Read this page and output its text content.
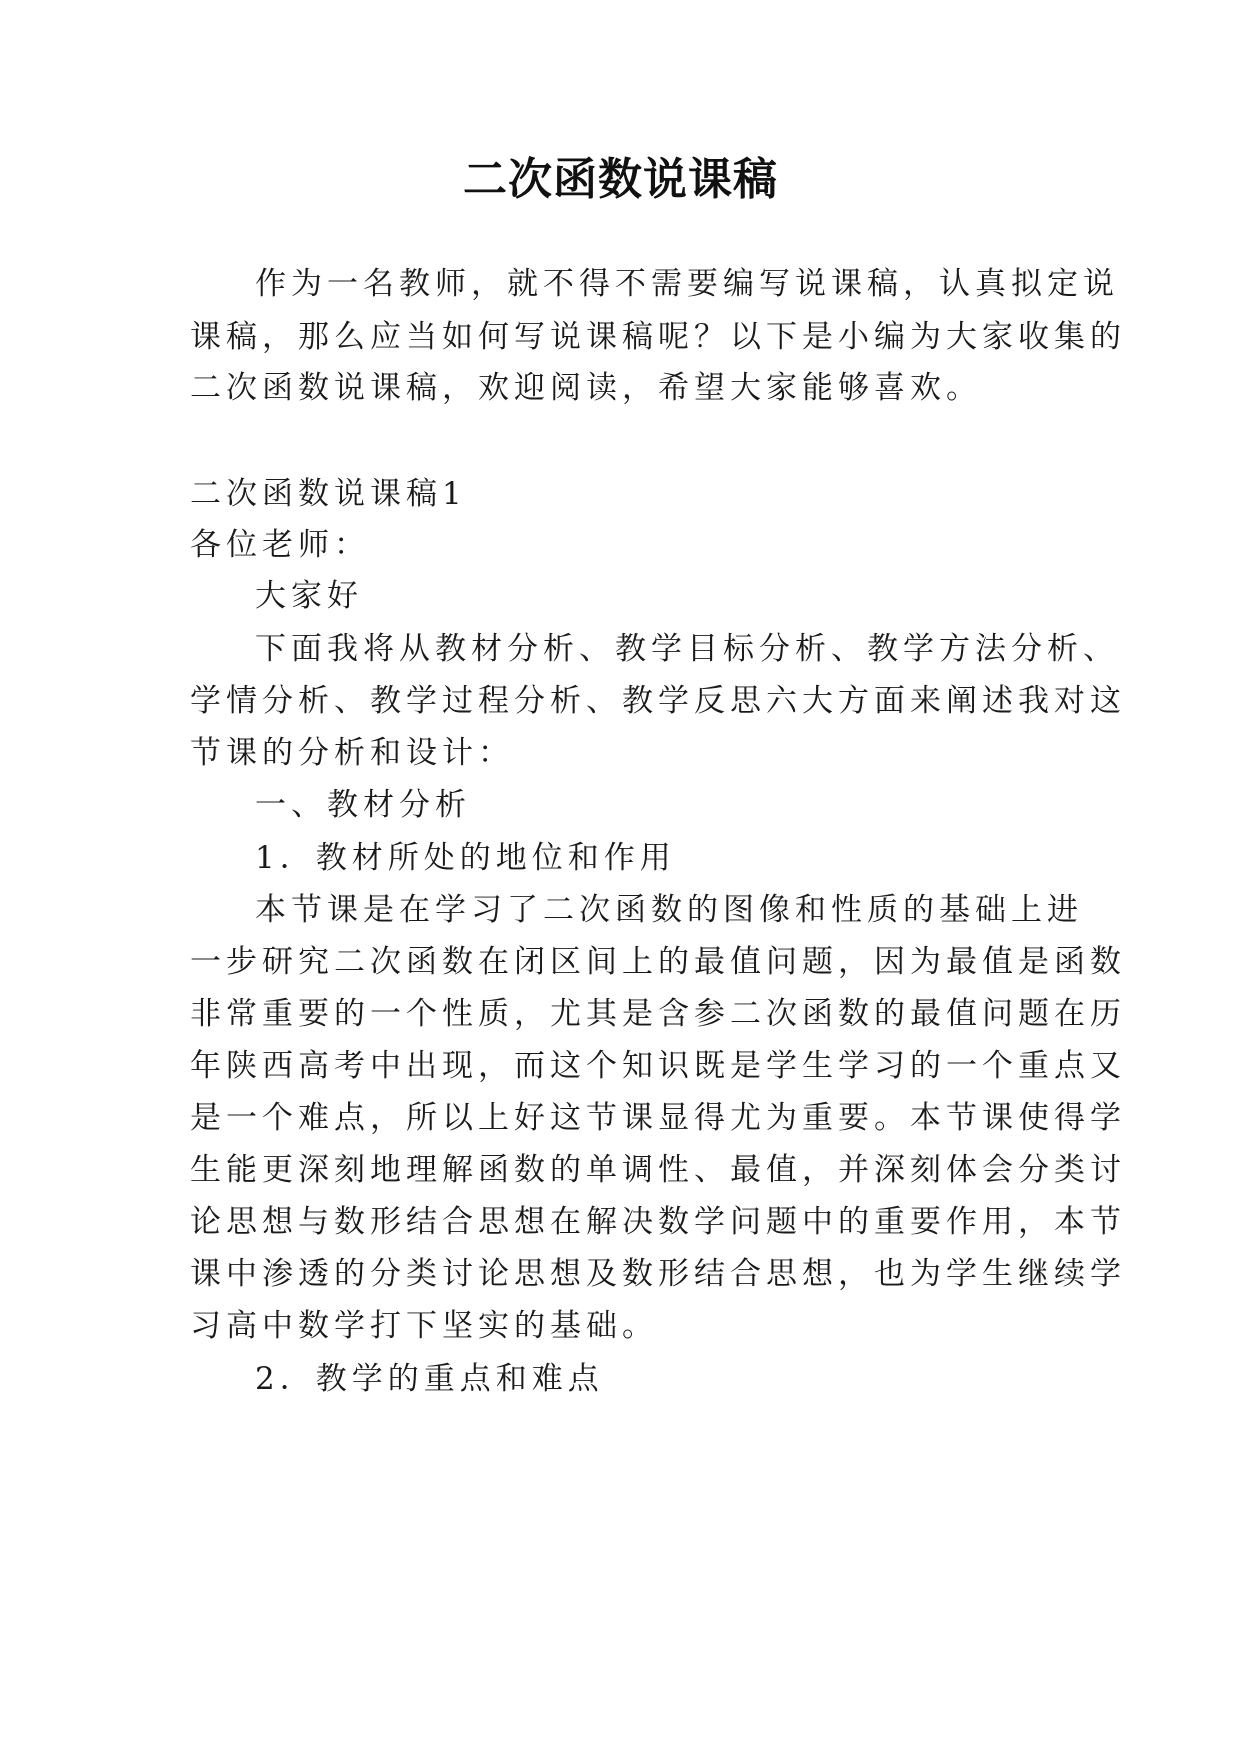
二次函数说课稿

作为一名教师，就不得不需要编写说课稿，认真拟定说

课稿，那么应当如何写说课稿呢？以下是小编为大家收集的

二次函数说课稿，欢迎阅读，希望大家能够喜欢。

二次函数说课稿1

各位老师：

大家好

下面我将从教材分析、教学目标分析、教学方法分析、

学情分析、教学过程分析、教学反思六大方面来阐述我对这

节课的分析和设计：

一、教材分析

1．教材所处的地位和作用

本节课是在学习了二次函数的图像和性质的基础上进

一步研究二次函数在闭区间上的最值问题，因为最值是函数

非常重要的一个性质，尤其是含参二次函数的最值问题在历

年陕西高考中出现，而这个知识既是学生学习的一个重点又

是一个难点，所以上好这节课显得尤为重要。本节课使得学

生能更深刻地理解函数的单调性、最值，并深刻体会分类讨

论思想与数形结合思想在解决数学问题中的重要作用，本节

课中渗透的分类讨论思想及数形结合思想，也为学生继续学

习高中数学打下坚实的基础。

2．教学的重点和难点
